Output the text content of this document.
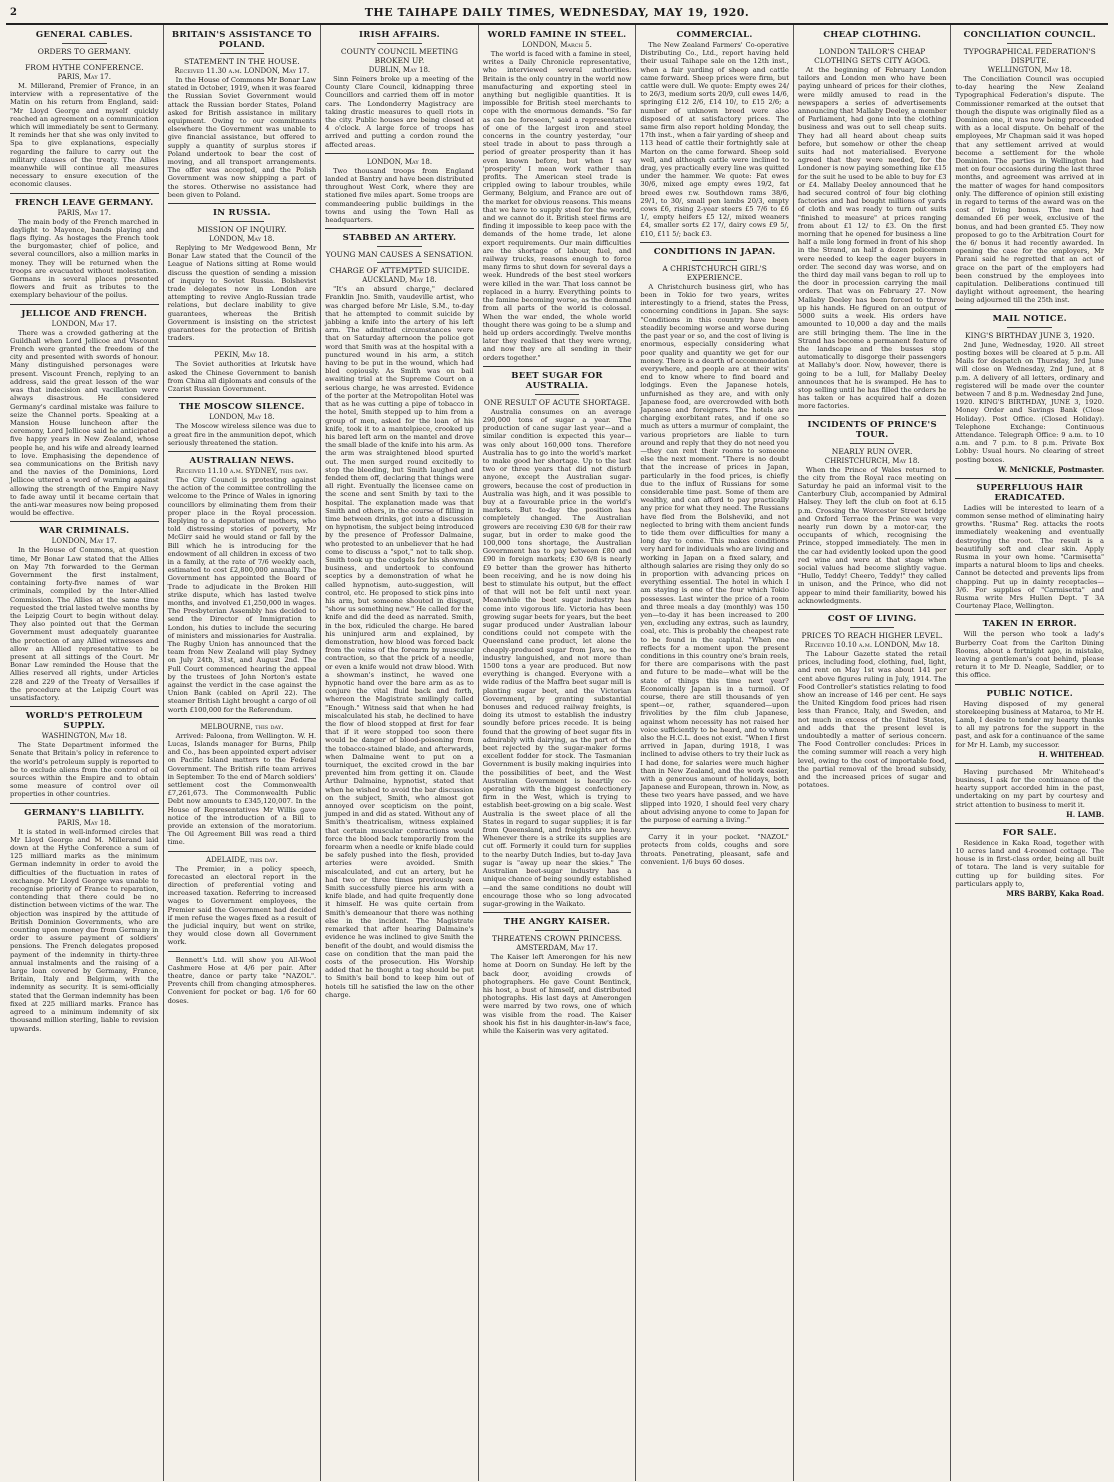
2	THE TAIHAPE DAILY TIMES, WEDNESDAY, MAY 19, 1920.
GENERAL CABLES.
ORDERS TO GERMANY.
FROM HYTHE CONFERENCE.
PARIS, May 17.

M. Millerand, Premier of France, in an interview with a representative of the Matin on his return from England, said: "Mr Lloyd George and myself quickly reached an agreement on a communication which will immediately be sent to Germany. It reminds her that she was only invited to Spa to give explanations, especially regarding the failure to carry out the military clauses of the treaty. The Allies meanwhile will continue all measures necessary to ensure execution of the economic clauses.

FRENCH LEAVE GERMANY.
PARIS, May 17.

The main body of the French marched in daylight to Mayence, bands playing and flags flying. As hostages the French took the burgomaster, chief of police, and several councillors, also a million marks in money. They will be returned when the troops are evacuated without molestation. Germans in several places presented flowers and fruit as tributes to the exemplary behaviour of the poilus.

JELLICOE AND FRENCH.
LONDON, May 17.

There was a crowded gathering at the Guildhall when Lord Jellicoe and Viscount French were granted the freedom of the city and presented with swords of honour. Many distinguished personages were present. Viscount French, replying to an address, said the great lesson of the war was that indecision and vacillation were always disastrous. He considered Germany's cardinal mistake was failure to seize the Channel ports. Speaking at a Mansion House luncheon after the ceremony, Lord Jellicoe said he anticipated five happy years in New Zealand, whose people he, and his wife and already learned to love. Emphasising the dependence of sea communications on the British navy and the navies of the Dominions, Lord Jellicoe uttered a word of warning against allowing the strength of the Empire Navy to fade away until it became certain that the anti-war measures now being proposed would be effective.

WAR CRIMINALS.
LONDON, May 17.

In the House of Commons, at question time, Mr Bonar Law stated that the Allies on May 7th forwarded to the German Government the first instalment, containing forty-five names of war criminals, compiled by the Inter-Allied Commission. The Allies at the same time requested the trial lasted twelve months by the Leipzig Court to begin without delay. They also pointed out that the German Government must adequately guarantee the protection of any Allied witnesses and allow an Allied representative to be present at all sittings of the Court. Mr Bonar Law reminded the House that the Allies reserved all rights, under Articles 228 and 229 of the Treaty of Versailles if the procedure at the Leipzig Court was unsatisfactory.

WORLD'S PETROLEUM SUPPLY.
WASHINGTON, May 18.

The State Department informed the Senate that Britain's policy in reference to the world's petroleum supply is reported to be to exclude aliens from the control of oil sources within the Empire and to obtain some measure of control over oil properties in other countries.

GERMANY'S LIABILITY.
PARIS, May 18.

It is stated in well-informed circles that Mr Lloyd George and M. Millerand laid down at the Hythe Conference a sum of 125 milliard marks as the minimum German indemnity in order to avoid the difficulties of the fluctuation in rates of exchange. Mr Lloyd George was unable to recognise priority of France to reparation, contending that there could be no distinction between victims of the war. The objection was inspired by the attitude of British Dominion Governments, who are counting upon money due from Germany in order to assure payment of soldiers' pensions. The French delegates proposed payment of the indemnity in thirty-three annual instalments and the raising of a large loan covered by Germany, France, Britain, Italy and Belgium, with the indemnity as security. It is semi-officially stated that the German indemnity has been fixed at 225 milliard marks. France has agreed to a minimum indemnity of six thousand million sterling, liable to revision upwards.

BRITAIN'S ASSISTANCE TO POLAND.
STATEMENT IN THE HOUSE.
Received 11.30 a.m. LONDON, May 17.

In the House of Commons Mr Bonar Law stated in October, 1919, when it was feared the Russian Soviet Government would attack the Russian border States, Poland asked for British assistance in military equipment. Owing to our commitments elsewhere the Government was unable to give financial assistance, but offered to supply a quantity of surplus stores if Poland undertook to bear the cost of moving, and all transport arrangements. The offer was accepted, and the Polish Government was now shipping a part of the stores. Otherwise no assistance had been given to Poland.

IN RUSSIA.
MISSION OF INQUIRY.
LONDON, May 18.

Replying to Mr Wedgewood Benn, Mr Bonar Law stated that the Council of the League of Nations sitting at Rome would discuss the question of sending a mission of inquiry to Soviet Russia. Bolshevist trade delegates now in London are attempting to revive Anglo-Russian trade relations, but declare inability to give guarantees, whereas the British Government is insisting on the strictest guarantees for the protection of British traders.

PEKIN, May 18.

The Soviet authorities at Irkutsk have asked the Chinese Government to banish from China all diplomats and consuls of the Czarist Russian Government.

THE MOSCOW SILENCE.
LONDON, May 18.

The Moscow wireless silence was due to a great fire in the ammunition depot, which seriously threatened the station.

AUSTRALIAN NEWS.
Received 11.10 a.m. SYDNEY, this day.

The City Council is protesting against the action of the committee controlling the welcome to the Prince of Wales in ignoring councillors by eliminating them from their proper place in the Royal procession. Replying to a deputation of mothers, who told distressing stories of poverty, Mr McGirr said he would stand or fall by the Bill which he is introducing for the endowment of all children in excess of two in a family, at the rate of 7/6 weekly each, estimated to cost £2,800,000 annually. The Government has appointed the Board of Trade to adjudicate in the Broken Hill strike dispute, which has lasted twelve months, and involved £1,250,000 in wages. The Presbyterian Assembly has decided to send the Director of Immigration to London, his duties to include the securing of ministers and missionaries for Australia. The Rugby Union has announced that the team from New Zealand will play Sydney on July 24th, 31st, and August 2nd. The Full Court commenced hearing the appeal by the trustees of John Norton's estate against the verdict in the case against the Union Bank (cabled on April 22). The steamer British Light brought a cargo of oil worth £100,000 for the Referendum.

MELBOURNE, this day.

Arrived: Paloona, from Wellington. W. H. Lucas, Islands manager for Burns, Philp and Co., has been appointed expert adviser on Pacific Island matters to the Federal Government. The British rifle team arrives in September. To the end of March soldiers' settlement cost the Commonwealth £7,261,673. The Commonwealth Public Debt now amounts to £345,120,007. In the House of Representatives Mr Willis gave notice of the introduction of a Bill to provide an extension of the moratorium. The Oil Agreement Bill was read a third time.

ADELAIDE, this day.

The Premier, in a policy speech, forecasted an electoral report in the direction of preferential voting and increased taxation. Referring to increased wages to Government employees, the Premier said the Government had decided if men refuse the wages fixed as a result of the judicial inquiry, but went on strike, they would close down all Government work.

Bennett's Ltd. will show you All-Wool Cashmere Hose at 4/6 per pair. After theatre, dance or party take "NAZOL". Prevents chill from changing atmospheres. Convenient for pocket or bag. 1/6 for 60 doses.

IRISH AFFAIRS.
COUNTY COUNCIL MEETING BROKEN UP.
DUBLIN, May 18.

Sinn Feiners broke up a meeting of the County Clare Council, kidnapping three Councillors and carried them off in motor cars. The Londonderry Magistracy are taking drastic measures to quell riots in the city. Public houses are being closed at 4 o'clock. A large force of troops has arrived and putting a cordon round the affected areas.

LONDON, May 18.

Two thousand troops from England landed at Bantry and have been distributed throughout West Cork, where they are stationed five miles apart. Some troops are commandeering public buildings in the towns and using the Town Hall as headquarters.

STABBED AN ARTERY.
YOUNG MAN CAUSES A SENSATION.
CHARGE OF ATTEMPTED SUICIDE.
AUCKLAND, May 18.

"It's an absurd charge," declared Franklin Jno. Smith, vaudeville artist, who was charged before Mr Lisle, S.M., to-day that he attempted to commit suicide by jabbing a knife into the artery of his left arm. The admitted circumstances were that on Saturday afternoon the police got word that Smith was at the hospital with a punctured wound in his arm, a stitch having to be put in the wound, which had bled copiously. As Smith was on bail awaiting trial at the Supreme Court on a serious charge, he was arrested. Evidence of the porter at the Metropolitan Hotel was that as he was cutting a pipe of tobacco in the hotel, Smith stepped up to him from a group of men, asked for the loan of his knife, took it to a mantelpiece, crooked up his bared left arm on the mantel and drove the small blade of the knife into his arm. As the arm was straightened blood spurted out. The men surged round excitedly to stop the bleeding, but Smith laughed and fended them off, declaring that things were all right. Eventually the licensee came on the scene and sent Smith by taxi to the hospital. The explanation made was that Smith and others, in the course of filling in time between drinks, got into a discussion on hypnotism, the subject being introduced by the presence of Professor Dalmaine, who protested to an unbeliever that he had come to discuss a "spot," not to talk shop. Smith took up the cudgels for his showman business, and undertook to confound sceptics by a demonstration of what he called hypnotism, auto-suggestion, will control, etc. He proposed to stick pins into his arm, but someone shouted in disgust, "show us something new." He called for the knife and did the deed as narrated. Smith, in the box, ridiculed the charge. He bared his uninjured arm and explained, by demonstration, how blood was forced back from the veins of the forearm by muscular contraction, so that the prick of a needle, or even a knife would not draw blood. With a showman's instinct, he waved one hypnotic hand over the bare arm as as to conjure the vital fluid back and forth, whereon the Magistrate smilingly called "Enough." Witness said that when he had miscalculated his stab, he declined to have the flow of blood stopped at first for fear that if it were stopped too soon there would be danger of blood-poisoning from the tobacco-stained blade, and afterwards, when Dalmaine went to put on a tourniquet, the excited crowd in the bar prevented him from getting it on. Claude Arthur Dalmaine, hypnotist, stated that when he wished to avoid the bar discussion on the subject, Smith, who almost got annoyed over scepticism on the point, jumped in and did as stated. Without any of Smith's theatricalism, witness explained that certain muscular contractions would force the blood back temporarily from the forearm when a needle or knife blade could be safely pushed into the flesh, provided arteries were avoided. Smith miscalculated, and cut an artery, but he had two or three times previously seen Smith successfully pierce his arm with a knife blade, and had quite frequently done it himself. He was quite certain from Smith's demeanour that there was nothing else in the incident. The Magistrate remarked that after hearing Dalmaine's evidence he was inclined to give Smith the benefit of the doubt, and would dismiss the case on condition that the man paid the costs of the prosecution. His Worship added that he thought a tag should be put to Smith's bail bond to keep him out of hotels till he satisfied the law on the other charge.

WORLD FAMINE IN STEEL.
LONDON, March 5.

The world is faced with a famine in steel, writes a Daily Chronicle representative, who interviewed several authorities. Britain is the only country in the world now manufacturing and exporting steel in anything but negligible quantities. It is impossible for British steel merchants to cope with the enormous demands. "So far as can be foreseen," said a representative of one of the largest iron and steel concerns in the country yesterday, "our steel trade in about to pass through a period of greater prosperity than it has even known before, but when I say 'prosperity' I mean work rather than profits. The American steel trade is crippled owing to labour troubles, while Germany, Belgium, and France are out of the market for obvious reasons. This means that we have to supply steel for the world, and we cannot do it. British steel firms are finding it impossible to keep pace with the demands of the home trade, let alone export requirements. Our main difficulties are the shortage of labour, fuel, and railway trucks, reasons enough to force many firms to shut down for several days a week. Hundreds of the best steel workers were killed in the war. That loss cannot be replaced in a hurry. Everything points to the famine becoming worse, as the demand from all parts of the world is colossal. When the war ended, the whole world thought there was going to be a slump and held up orders accordingly. Twelve months later they realised that they were wrong, and now they are all sending in their orders together."

BEET SUGAR FOR AUSTRALIA.
ONE RESULT OF ACUTE SHORTAGE.

Australia consumes on an average 290,000 tons of sugar a year. The production of cane sugar last year—and a similar condition is expected this year—was only about 160,000 tons. Therefore Australia has to go into the world's market to make good her shortage. Up to the last two or three years that did not disturb anyone, except the Australian sugar-growers, because the cost of production in Australia was high, and it was possible to buy at a favourable price in the world's markets. But to-day the position has completely changed. The Australian growers are receiving £30 6/8 for their raw sugar, but in order to make good the 100,000 tons shortage, the Australian Government has to pay between £80 and £90 in foreign markets; £30 6/8 is nearly £9 better than the grower has hitherto been receiving, and he is now doing his best to stimulate his output, but the effect of that will not be felt until next year. Meanwhile the beet sugar industry has come into vigorous life. Victoria has been growing sugar beets for years, but the beet sugar produced under Australian labour conditions could not compete with the Queensland cane product, let alone the cheaply-produced sugar from Java, so the industry languished, and not more than 1500 tons a year are produced. But now everything is changed. Everyone with a wide radius of the Maffra beet sugar mill is planting sugar beet, and the Victorian Government, by granting substantial bonuses and reduced railway freights, is doing its utmost to establish the industry soundly before prices recede. It is being found that the growing of beet sugar fits in admirably with dairying, as the part of the beet rejected by the sugar-maker forms excellent fodder for stock. The Tasmanian Government is busily making inquiries into the possibilities of beet, and the West Australian Government is heartily co-operating with the biggest confectionery firm in the West, which is trying to establish beet-growing on a big scale. West Australia is the sweet place of all the States in regard to sugar supplies; it is far from Queensland, and freights are heavy. Whenever there is a strike its supplies are cut off. Formerly it could turn for supplies to the nearby Dutch Indies, but to-day Java sugar is "away up near the skies." The Australian beet-sugar industry has a unique chance of being soundly established—and the same conditions no doubt will encourage those who so long advocated sugar-growing in the Waikato.

THE ANGRY KAISER.
THREATENS CROWN PRINCESS.
AMSTERDAM, May 17.

The Kaiser left Amerongen for his new home at Doorn on Sunday. He left by the back door, avoiding crowds of photographers. He gave Count Bentinck, his host, a bust of himself, and distributed photographs. His last days at Amerongen were marred by two rows, one of which was visible from the road. The Kaiser shook his fist in his daughter-in-law's face, while the Kaiserin was very agitated.

COMMERCIAL.

The New Zealand Farmers' Co-operative Distributing Co., Ltd., report having held their usual Taihape sale on the 12th inst., when a fair yarding of sheep and cattle came forward. Sheep prices were firm, but cattle were dull. We quote: Empty ewes 24/ to 26/3, medium sorts 20/9, cull ewes 14/6, springing £12 2/6, £14 10/, to £15 2/6; a number of unknown breed were also disposed of at satisfactory prices. The same firm also report holding Monday, the 17th inst., when a fair yarding of sheep and 113 head of cattle their fortnightly sale at Marton on the came forward. Sheep sold well, and although cattle were inclined to drag, yes practically every line was quitted under the hammer. We quote: Fat ewes 30/6, mixed age empty ewes 19/2, fat breed ewes r.w. Southdown rams 38/6, 29/1, to 30/, small pen lambs 20/3, empty cows £6, rising 2-year steers £5 7/6 to £6 1/, empty heifers £5 12/, mixed weaners £4, smaller sorts £2 17/, dairy cows £9 5/, £10, £11 5/; back £3.

CONDITIONS IN JAPAN.
A CHRISTCHURCH GIRL'S EXPERIENCE.

A Christchurch business girl, who has been in Tokio for two years, writes interestingly to a friend, states the Press, concerning conditions in Japan. She says: "Conditions in this country have been steadily becoming worse and worse during the past year or so, and the cost of living is enormous, especially considering what poor quality and quantity we get for our money. There is a dearth of accommodation everywhere, and people are at their wits' end to know where to find board and lodgings. Even the Japanese hotels, unfurnished as they are, and with only Japanese food, are overcrowded with both Japanese and foreigners. The hotels are charging exorbitant rates, and if one so much as utters a murmur of complaint, the various proprietors are liable to turn around and reply that they do not need you—they can rent their rooms to someone else the next moment. "There is no doubt that the increase of prices in Japan, particularly in the food prices, is chiefly due to the influx of Russians for some considerable time past. Some of them are wealthy, and can afford to pay practically any price for what they need. The Russians have fled from the Bolsheviki, and not neglected to bring with them ancient funds to tide them over difficulties for many a long day to come. This makes conditions very hard for individuals who are living and working in Japan on a fixed salary, and although salaries are rising they only do so in proportion with advancing prices on everything essential. The hotel in which I am staying is one of the four which Tokio possesses. Last winter the price of a room and three meals a day (monthly) was 150 yen—to-day it has been increased to 200 yen, excluding any extras, such as laundry, coal, etc. This is probably the cheapest rate to be found in the capital. "When one reflects for a moment upon the present conditions in this country one's brain reels, for there are comparisons with the past and future to be made—what will be the state of things this time next year? Economically Japan is in a turmoil. Of course, there are still thousands of yen spent—or, rather, squandered—upon frivolities by the film club Japanese, against whom necessity has not raised her voice sufficiently to be heard, and to whom also the H.C.L. does not exist. "When I first arrived in Japan, during 1918, I was inclined to advise others to try their luck as I had done, for salaries were much higher than in New Zealand, and the work easier, with a generous amount of holidays, both Japanese and European, thrown in. Now, as these two years have passed, and we have slipped into 1920, I should feel very chary about advising anyone to come to Japan for the purpose of earning a living."

Carry it in your pocket. "NAZOL" protects from colds, coughs and sore throats. Penetrating, pleasant, safe and convenient. 1/6 buys 60 doses.

CHEAP CLOTHING.
LONDON TAILOR'S CHEAP CLOTHING SETS CITY AGOG.

At the beginning of February London tailors and London men who have been paying unheard of prices for their clothes, were mildly amused to read in the newspapers a series of advertisements announcing that Mallaby Deeley, a member of Parliament, had gone into the clothing business and was out to sell cheap suits. They had all heard about cheap suits before, but somehow or other the cheap suits had not materialised. Everyone agreed that they were needed, for the Londoner is now paying something like £15 for the suit he used to be able to buy for £3 or £4. Mallaby Deeley announced that he had secured control of four big clothing factories and had bought millions of yards of cloth and was ready to turn out suits "finished to measure" at prices ranging from about £1 12/ to £3. On the first morning that he opened for business a line half a mile long formed in front of his shop in the Strand, an half a dozen policemen were needed to keep the eager buyers in order. The second day was worse, and on the third day mail vans began to roll up to the door in procession carrying the mail orders. That was on February 27. Now Mallaby Deeley has been forced to throw up his hands. He figured on an output of 5000 suits a week. His orders have amounted to 10,000 a day and the mails are still bringing them. The line in the Strand has become a permanent feature of the landscape and the busses stop automatically to disgorge their passengers at Mallaby's door. Now, however, there is going to be a lull, for Mallaby Deeley announces that he is swamped. He has to stop selling until he has filled the orders he has taken or has acquired half a dozen more factories.

INCIDENTS OF PRINCE'S TOUR.
NEARLY RUN OVER.
CHRISTCHURCH, May 18.

When the Prince of Wales returned to the city from the Royal race meeting on Saturday he paid an informal visit to the Canterbury Club, accompanied by Admiral Halsey. They left the club on foot at 6.15 p.m. Crossing the Worcester Street bridge and Oxford Terrace the Prince was very nearly run down by a motor-car, the occupants of which, recognising the Prince, stopped immediately. The men in the car had evidently looked upon the good red wine and were at that stage when social values had become slightly vague. "Hullo, Teddy! Cheero, Teddy!" they called in unison, and the Prince, who did not appear to mind their familiarity, bowed his acknowledgments.

COST OF LIVING.
PRICES TO REACH HIGHER LEVEL.
Received 10.10 a.m. LONDON, May 18.

The Labour Gazette stated the retail prices, including food, clothing, fuel, light, and rent on May 1st was about 141 per cent above figures ruling in July, 1914. The Food Controller's statistics relating to food show an increase of 146 per cent. He says the United Kingdom food prices had risen less than France, Italy, and Sweden, and not much in excess of the United States, and adds that the present level is undoubtedly a matter of serious concern. The Food Controller concludes: Prices in the coming summer will reach a very high level, owing to the cost of importable food, the partial removal of the bread subsidy, and the increased prices of sugar and potatoes.

CONCILIATION COUNCIL.
TYPOGRAPHICAL FEDERATION'S DISPUTE.
WELLINGTON, May 18.

The Conciliation Council was occupied to-day hearing the New Zealand Typographical Federation's dispute. The Commissioner remarked at the outset that though the dispute was originally filed as a Dominion one, it was now being proceeded with as a local dispute. On behalf of the employees, Mr Chapman said it was hoped that any settlement arrived at would become a settlement for the whole Dominion. The parties in Wellington had met on four occasions during the last three months, and agreement was arrived at in the matter of wages for hand compositors only. The difference of opinion still existing in regard to terms of the award was on the cost of living bonus. The men had demanded £6 per week, exclusive of the bonus, and had been granted £5. They now proposed to go to the Arbitration Court for the 6/ bonus it had recently awarded. In opening the case for the employers, Mr Parani said he regretted that an act of grace on the part of the employers had been construed by the employees into capitulation. Deliberations continued till daylight without agreement, the hearing being adjourned till the 25th inst.

MAIL NOTICE.
KING'S BIRTHDAY JUNE 3, 1920.

2nd June, Wednesday, 1920. All street posting boxes will be cleared at 5 p.m. All Mails for despatch on Thursday, 3rd June will close on Wednesday, 2nd June, at 8 p.m. A delivery of all letters, ordinary and registered will be made over the counter between 7 and 8 p.m. Wednesday 2nd June, 1920. KING'S BIRTHDAY, JUNE 3, 1920. Money Order and Savings Bank (Close Holiday). Post Office. (Closed Holiday). Telephone Exchange: Continuous Attendance. Telegraph Office: 9 a.m. to 10 a.m. and 7 p.m. to 8 p.m. Private Box Lobby: Usual hours. No clearing of street posting boxes.

W. McNICKLE, Postmaster.
SUPERFLUOUS HAIR ERADICATED.

Ladies will be interested to learn of a common sense method of eliminating hairy growths. "Rusma" Reg. attacks the roots immediately weakening and eventually destroying the root. The result is a beautifully soft and clear skin. Apply Rusma in your own home. "Carmisetta" imparts a natural bloom to lips and cheeks. Cannot be detected and prevents lips from chapping. Put up in dainty receptacles—3/6. For supplies of "Carmisetta" and Rusma write Mrs Hullen Dept. T 3A Courtenay Place, Wellington.

TAKEN IN ERROR.

Will the person who took a lady's Burberry Coat from the Carlton Dining Rooms, about a fortnight ago, in mistake, leaving a gentleman's coat behind, please return it to Mr D. Neagle, Saddler, or to this office.

PUBLIC NOTICE.

Having disposed of my general storekeeping business at Mataroa, to Mr H. Lamb, I desire to tender my hearty thanks to all my patrons for the support in the past, and ask for a continuance of the same for Mr H. Lamb, my successor.

H. WHITEHEAD.

Having purchased Mr Whitehead's business, I ask for the continuance of the hearty support accorded him in the past, undertaking on my part by courtesy and strict attention to business to merit it.

H. LAMB.
FOR SALE.

Residence in Kaka Road, together with 10 acres land and 4-roomed cottage. The house is in first-class order, being all built of totara. The land is very suitable for cutting up for building sites. For particulars apply to,

MRS BARBY, Kaka Road.
